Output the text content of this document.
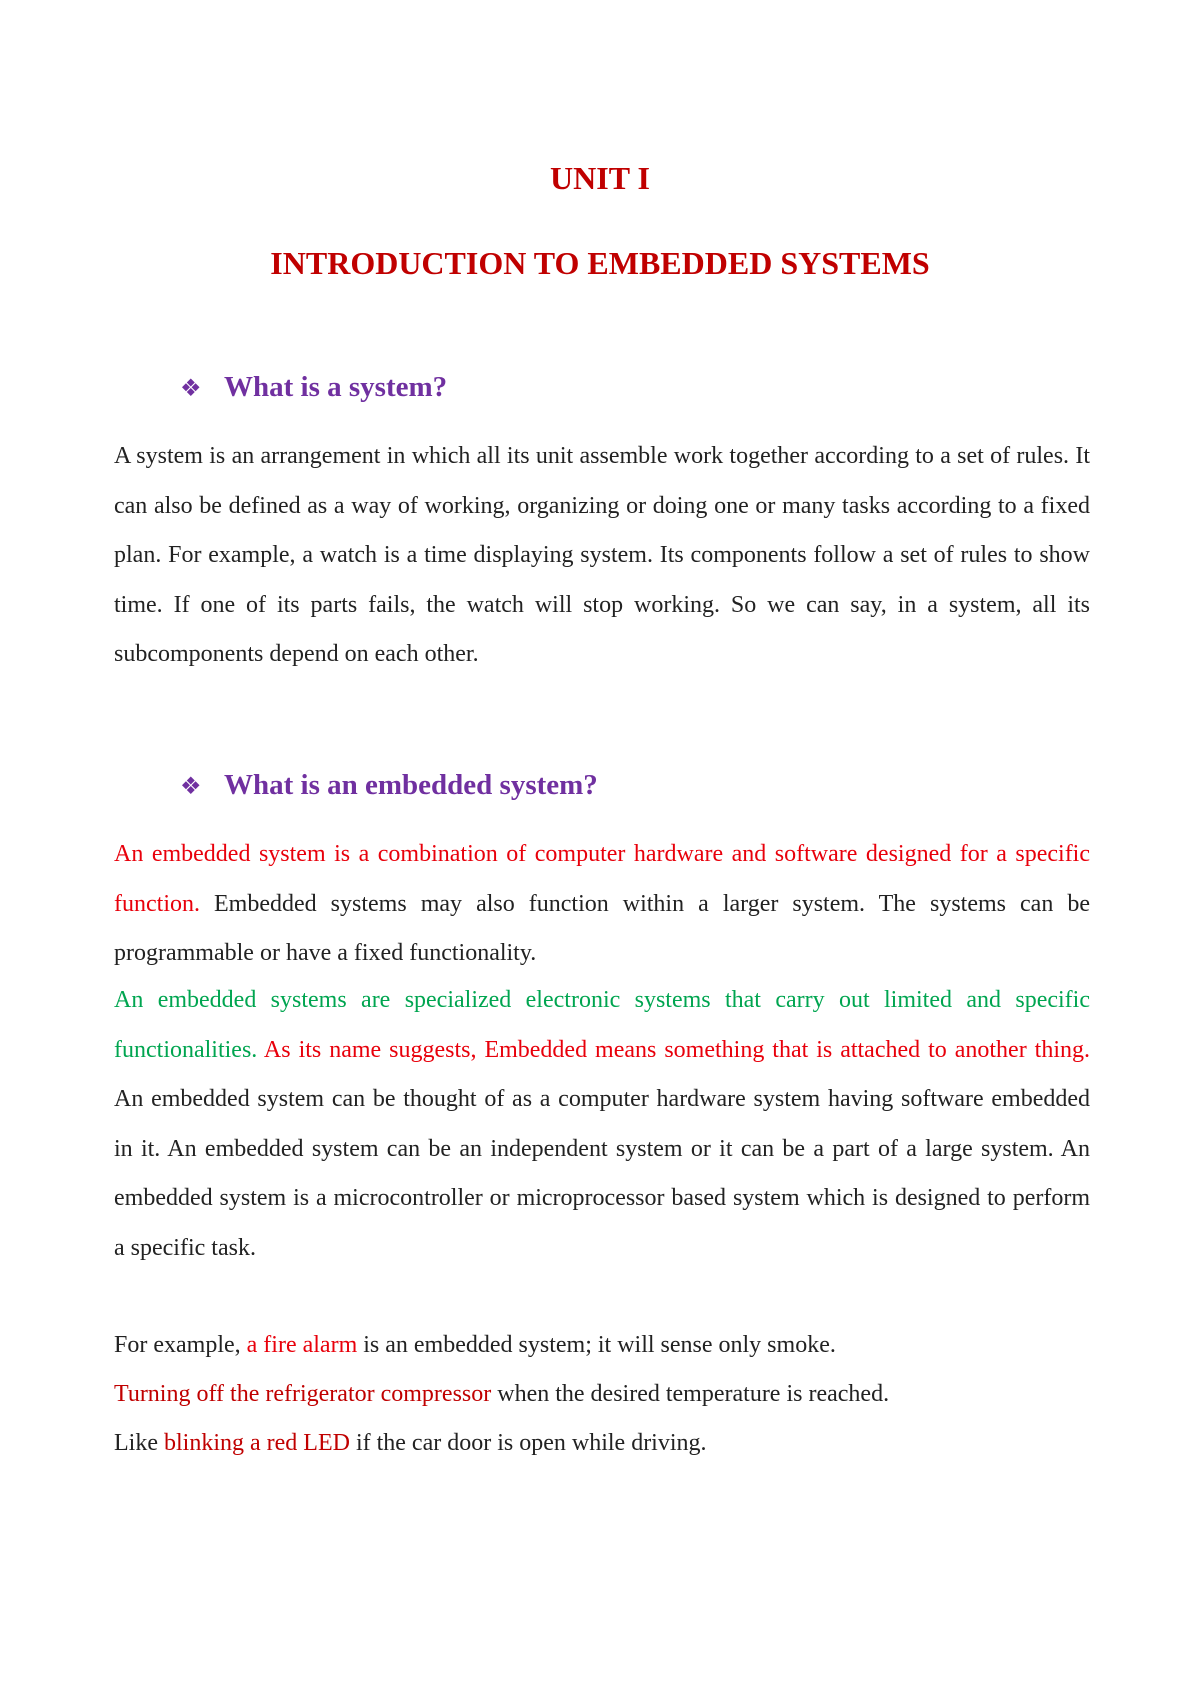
UNIT I
INTRODUCTION TO EMBEDDED SYSTEMS
❖ What is a system?

A system is an arrangement in which all its unit assemble work together according to a set of rules. It can also be defined as a way of working, organizing or doing one or many tasks according to a fixed plan. For example, a watch is a time displaying system. Its components follow a set of rules to show time. If one of its parts fails, the watch will stop working. So we can say, in a system, all its subcomponents depend on each other.

❖ What is an embedded system?

An embedded system is a combination of computer hardware and software designed for a specific function. Embedded systems may also function within a larger system. The systems can be programmable or have a fixed functionality.

An embedded systems are specialized electronic systems that carry out limited and specific functionalities. As its name suggests, Embedded means something that is attached to another thing. An embedded system can be thought of as a computer hardware system having software embedded in it. An embedded system can be an independent system or it can be a part of a large system. An embedded system is a microcontroller or microprocessor based system which is designed to perform a specific task.

For example, a fire alarm is an embedded system; it will sense only smoke.

Turning off the refrigerator compressor when the desired temperature is reached.

Like blinking a red LED if the car door is open while driving.
